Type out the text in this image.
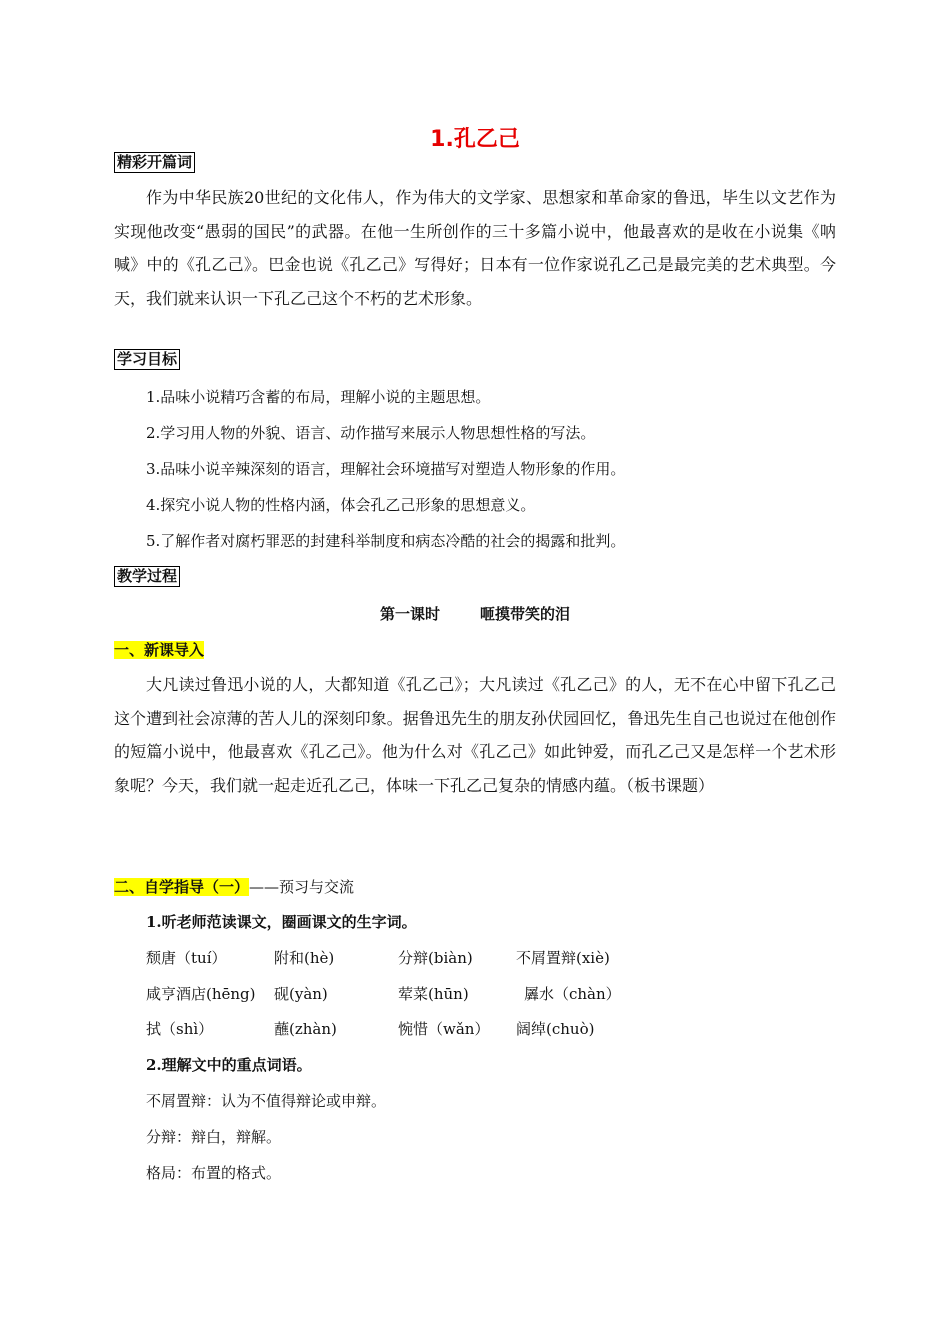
1.孔乙己
精彩开篇词

作为中华民族20世纪的文化伟人，作为伟大的文学家、思想家和革命家的鲁迅，毕生以文艺作为实现他改变“愚弱的国民”的武器。在他一生所创作的三十多篇小说中，他最喜欢的是收在小说集《呐喊》中的《孔乙己》。巴金也说《孔乙己》写得好；日本有一位作家说孔乙己是最完美的艺术典型。今天，我们就来认识一下孔乙己这个不朽的艺术形象。

学习目标
1.品味小说精巧含蓄的布局，理解小说的主题思想。
2.学习用人物的外貌、语言、动作描写来展示人物思想性格的写法。
3.品味小说辛辣深刻的语言，理解社会环境描写对塑造人物形象的作用。
4.探究小说人物的性格内涵，体会孔乙己形象的思想意义。
5.了解作者对腐朽罪恶的封建科举制度和病态冷酷的社会的揭露和批判。
教学过程
第一课时	咂摸带笑的泪
一、新课导入

大凡读过鲁迅小说的人，大都知道《孔乙己》；大凡读过《孔乙己》的人，无不在心中留下孔乙己这个遭到社会凉薄的苦人儿的深刻印象。据鲁迅先生的朋友孙伏园回忆，鲁迅先生自己也说过在他创作的短篇小说中，他最喜欢《孔乙己》。他为什么对《孔乙己》如此钟爱，而孔乙己又是怎样一个艺术形象呢？今天，我们就一起走近孔乙己，体味一下孔乙己复杂的情感内蕴。（板书课题）

二、自学指导（一）——预习与交流
1.听老师范读课文，圈画课文的生字词。
颓唐（tuí）	附和(hè)	分辩(biàn)	不屑置辩(xiè)
咸亨酒店(hēng) 砚(yàn)	荤菜(hūn)	羼水（chàn）
拭（shì）	蘸(zhàn)	惋惜（wǎn） 阔绰(chuò)
2.理解文中的重点词语。
不屑置辩：认为不值得辩论或申辩。
分辩：辩白，辩解。
格局：布置的格式。
